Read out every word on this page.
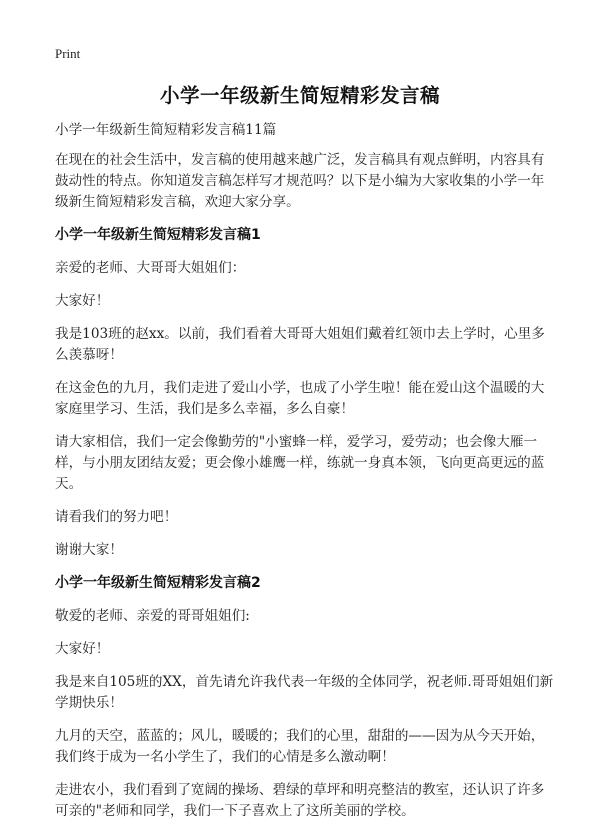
Print
小学一年级新生简短精彩发言稿

小学一年级新生简短精彩发言稿11篇

在现在的社会生活中，发言稿的使用越来越广泛，发言稿具有观点鲜明，内容具有鼓动性的特点。你知道发言稿怎样写才规范吗？以下是小编为大家收集的小学一年级新生简短精彩发言稿，欢迎大家分享。

小学一年级新生简短精彩发言稿1

亲爱的老师、大哥哥大姐姐们：

大家好！

我是103班的赵xx。以前，我们看着大哥哥大姐姐们戴着红领巾去上学时，心里多么羡慕呀！

在这金色的九月，我们走进了爱山小学，也成了小学生啦！能在爱山这个温暖的大家庭里学习、生活，我们是多么幸福，多么自豪！

请大家相信，我们一定会像勤劳的"小蜜蜂一样，爱学习，爱劳动；也会像大雁一样，与小朋友团结友爱；更会像小雄鹰一样，练就一身真本领，飞向更高更远的蓝天。

请看我们的努力吧！

谢谢大家！

小学一年级新生简短精彩发言稿2

敬爱的老师、亲爱的哥哥姐姐们:

大家好！

我是来自105班的XX，首先请允许我代表一年级的全体同学，祝老师.哥哥姐姐们新学期快乐！

九月的天空，蓝蓝的；风儿，暖暖的；我们的心里，甜甜的——因为从今天开始，我们终于成为一名小学生了，我们的心情是多么激动啊！

走进农小，我们看到了宽阔的操场、碧绿的草坪和明亮整洁的教室，还认识了许多可亲的"老师和同学，我们一下子喜欢上了这所美丽的学校。
